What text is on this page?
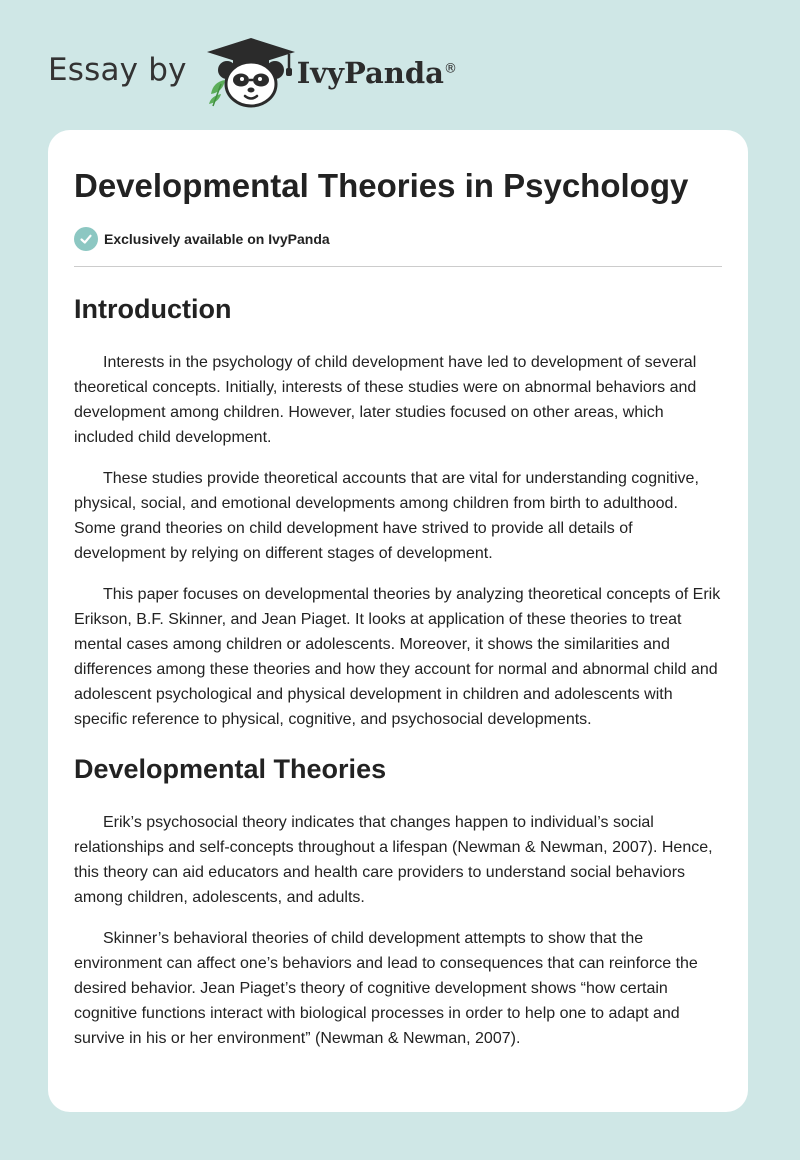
Essay by	IvyPanda®
Developmental Theories in Psychology
Exclusively available on IvyPanda
Introduction

Interests in the psychology of child development have led to development of several theoretical concepts. Initially, interests of these studies were on abnormal behaviors and development among children. However, later studies focused on other areas, which included child development.

These studies provide theoretical accounts that are vital for understanding cognitive, physical, social, and emotional developments among children from birth to adulthood. Some grand theories on child development have strived to provide all details of development by relying on different stages of development.

This paper focuses on developmental theories by analyzing theoretical concepts of Erik Erikson, B.F. Skinner, and Jean Piaget. It looks at application of these theories to treat mental cases among children or adolescents. Moreover, it shows the similarities and differences among these theories and how they account for normal and abnormal child and adolescent psychological and physical development in children and adolescents with specific reference to physical, cognitive, and psychosocial developments.

Developmental Theories

Erik’s psychosocial theory indicates that changes happen to individual’s social relationships and self-concepts throughout a lifespan (Newman & Newman, 2007). Hence, this theory can aid educators and health care providers to understand social behaviors among children, adolescents, and adults.

Skinner’s behavioral theories of child development attempts to show that the environment can affect one’s behaviors and lead to consequences that can reinforce the desired behavior. Jean Piaget’s theory of cognitive development shows “how certain cognitive functions interact with biological processes in order to help one to adapt and survive in his or her environment” (Newman & Newman, 2007).
